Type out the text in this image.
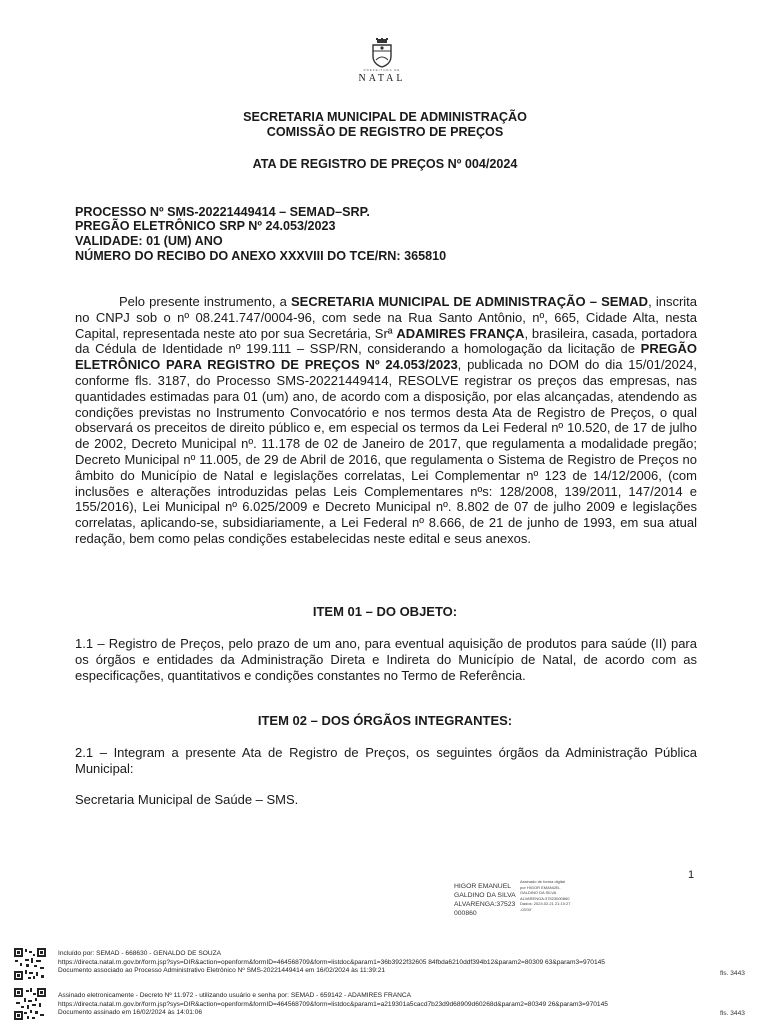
PREFEITURA DE
NATAL
SECRETARIA MUNICIPAL DE ADMINISTRAÇÃO
COMISSÃO DE REGISTRO DE PREÇOS
ATA DE REGISTRO DE PREÇOS Nº 004/2024
PROCESSO Nº SMS-20221449414 – SEMAD–SRP.
PREGÃO ELETRÔNICO SRP Nº 24.053/2023
VALIDADE: 01 (UM) ANO
NÚMERO DO RECIBO DO ANEXO XXXVIII DO TCE/RN: 365810
Pelo presente instrumento, a SECRETARIA MUNICIPAL DE ADMINISTRAÇÃO – SEMAD, inscrita no CNPJ sob o nº 08.241.747/0004-96, com sede na Rua Santo Antônio, nº, 665, Cidade Alta, nesta Capital, representada neste ato por sua Secretária, Srª ADAMIRES FRANÇA, brasileira, casada, portadora da Cédula de Identidade nº 199.111 – SSP/RN, considerando a homologação da licitação de PREGÃO ELETRÔNICO PARA REGISTRO DE PREÇOS Nº 24.053/2023, publicada no DOM do dia 15/01/2024, conforme fls. 3187, do Processo SMS-20221449414, RESOLVE registrar os preços das empresas, nas quantidades estimadas para 01 (um) ano, de acordo com a disposição, por elas alcançadas, atendendo as condições previstas no Instrumento Convocatório e nos termos desta Ata de Registro de Preços, o qual observará os preceitos de direito público e, em especial os termos da Lei Federal nº 10.520, de 17 de julho de 2002, Decreto Municipal nº. 11.178 de 02 de Janeiro de 2017, que regulamenta a modalidade pregão; Decreto Municipal nº 11.005, de 29 de Abril de 2016, que regulamenta o Sistema de Registro de Preços no âmbito do Município de Natal e legislações correlatas, Lei Complementar nº 123 de 14/12/2006, (com inclusões e alterações introduzidas pelas Leis Complementares nºs: 128/2008, 139/2011, 147/2014 e 155/2016), Lei Municipal nº 6.025/2009 e Decreto Municipal nº. 8.802 de 07 de julho 2009 e legislações correlatas, aplicando-se, subsidiariamente, a Lei Federal nº 8.666, de 21 de junho de 1993, em sua atual redação, bem como pelas condições estabelecidas neste edital e seus anexos.
ITEM 01 – DO OBJETO:
1.1 – Registro de Preços, pelo prazo de um ano, para eventual aquisição de produtos para saúde (II) para os órgãos e entidades da Administração Direta e Indireta do Município de Natal, de acordo com as especificações, quantitativos e condições constantes no Termo de Referência.
ITEM 02 – DOS ÓRGÃOS INTEGRANTES:
2.1 – Integram a presente Ata de Registro de Preços, os seguintes órgãos da Administração Pública Municipal:
Secretaria Municipal de Saúde – SMS.
1
HIGOR EMANUEL
GALDINO DA SILVA
ALVARENGA:37523
000860
Assinado de forma digital
por HIGOR EMANUEL
GALDINO DA SILVA
ALVARENGA:37523000860
Dados: 2024.02.21 21:10:27
-03'00'
Incluído por: SEMAD - 668630 - GENALDO DE SOUZA
https://directa.natal.rn.gov.br/form.jsp?sys=DIR&action=openform&formID=464568709&form=listdoc&param1=36b3922f32605 84fbda6210ddf394b12&param2=80309 63&param3=970145
Documento associado ao Processo Administrativo Eletrônico Nº SMS-20221449414 em 16/02/2024 às 11:39:21	fls. 3443
Assinado eletronicamente - Decreto Nº 11.972 - utilizando usuário e senha por: SEMAD - 659142 - ADAMIRES FRANCA
https://directa.natal.rn.gov.br/form.jsp?sys=DIR&action=openform&formID=464568709&form=listdoc&param1=a219301a5cacd7b23d9d68909d60268d&param2=80349 26&param3=970145
Documento assinado em 16/02/2024 às 14:01:06	fls. 3443
